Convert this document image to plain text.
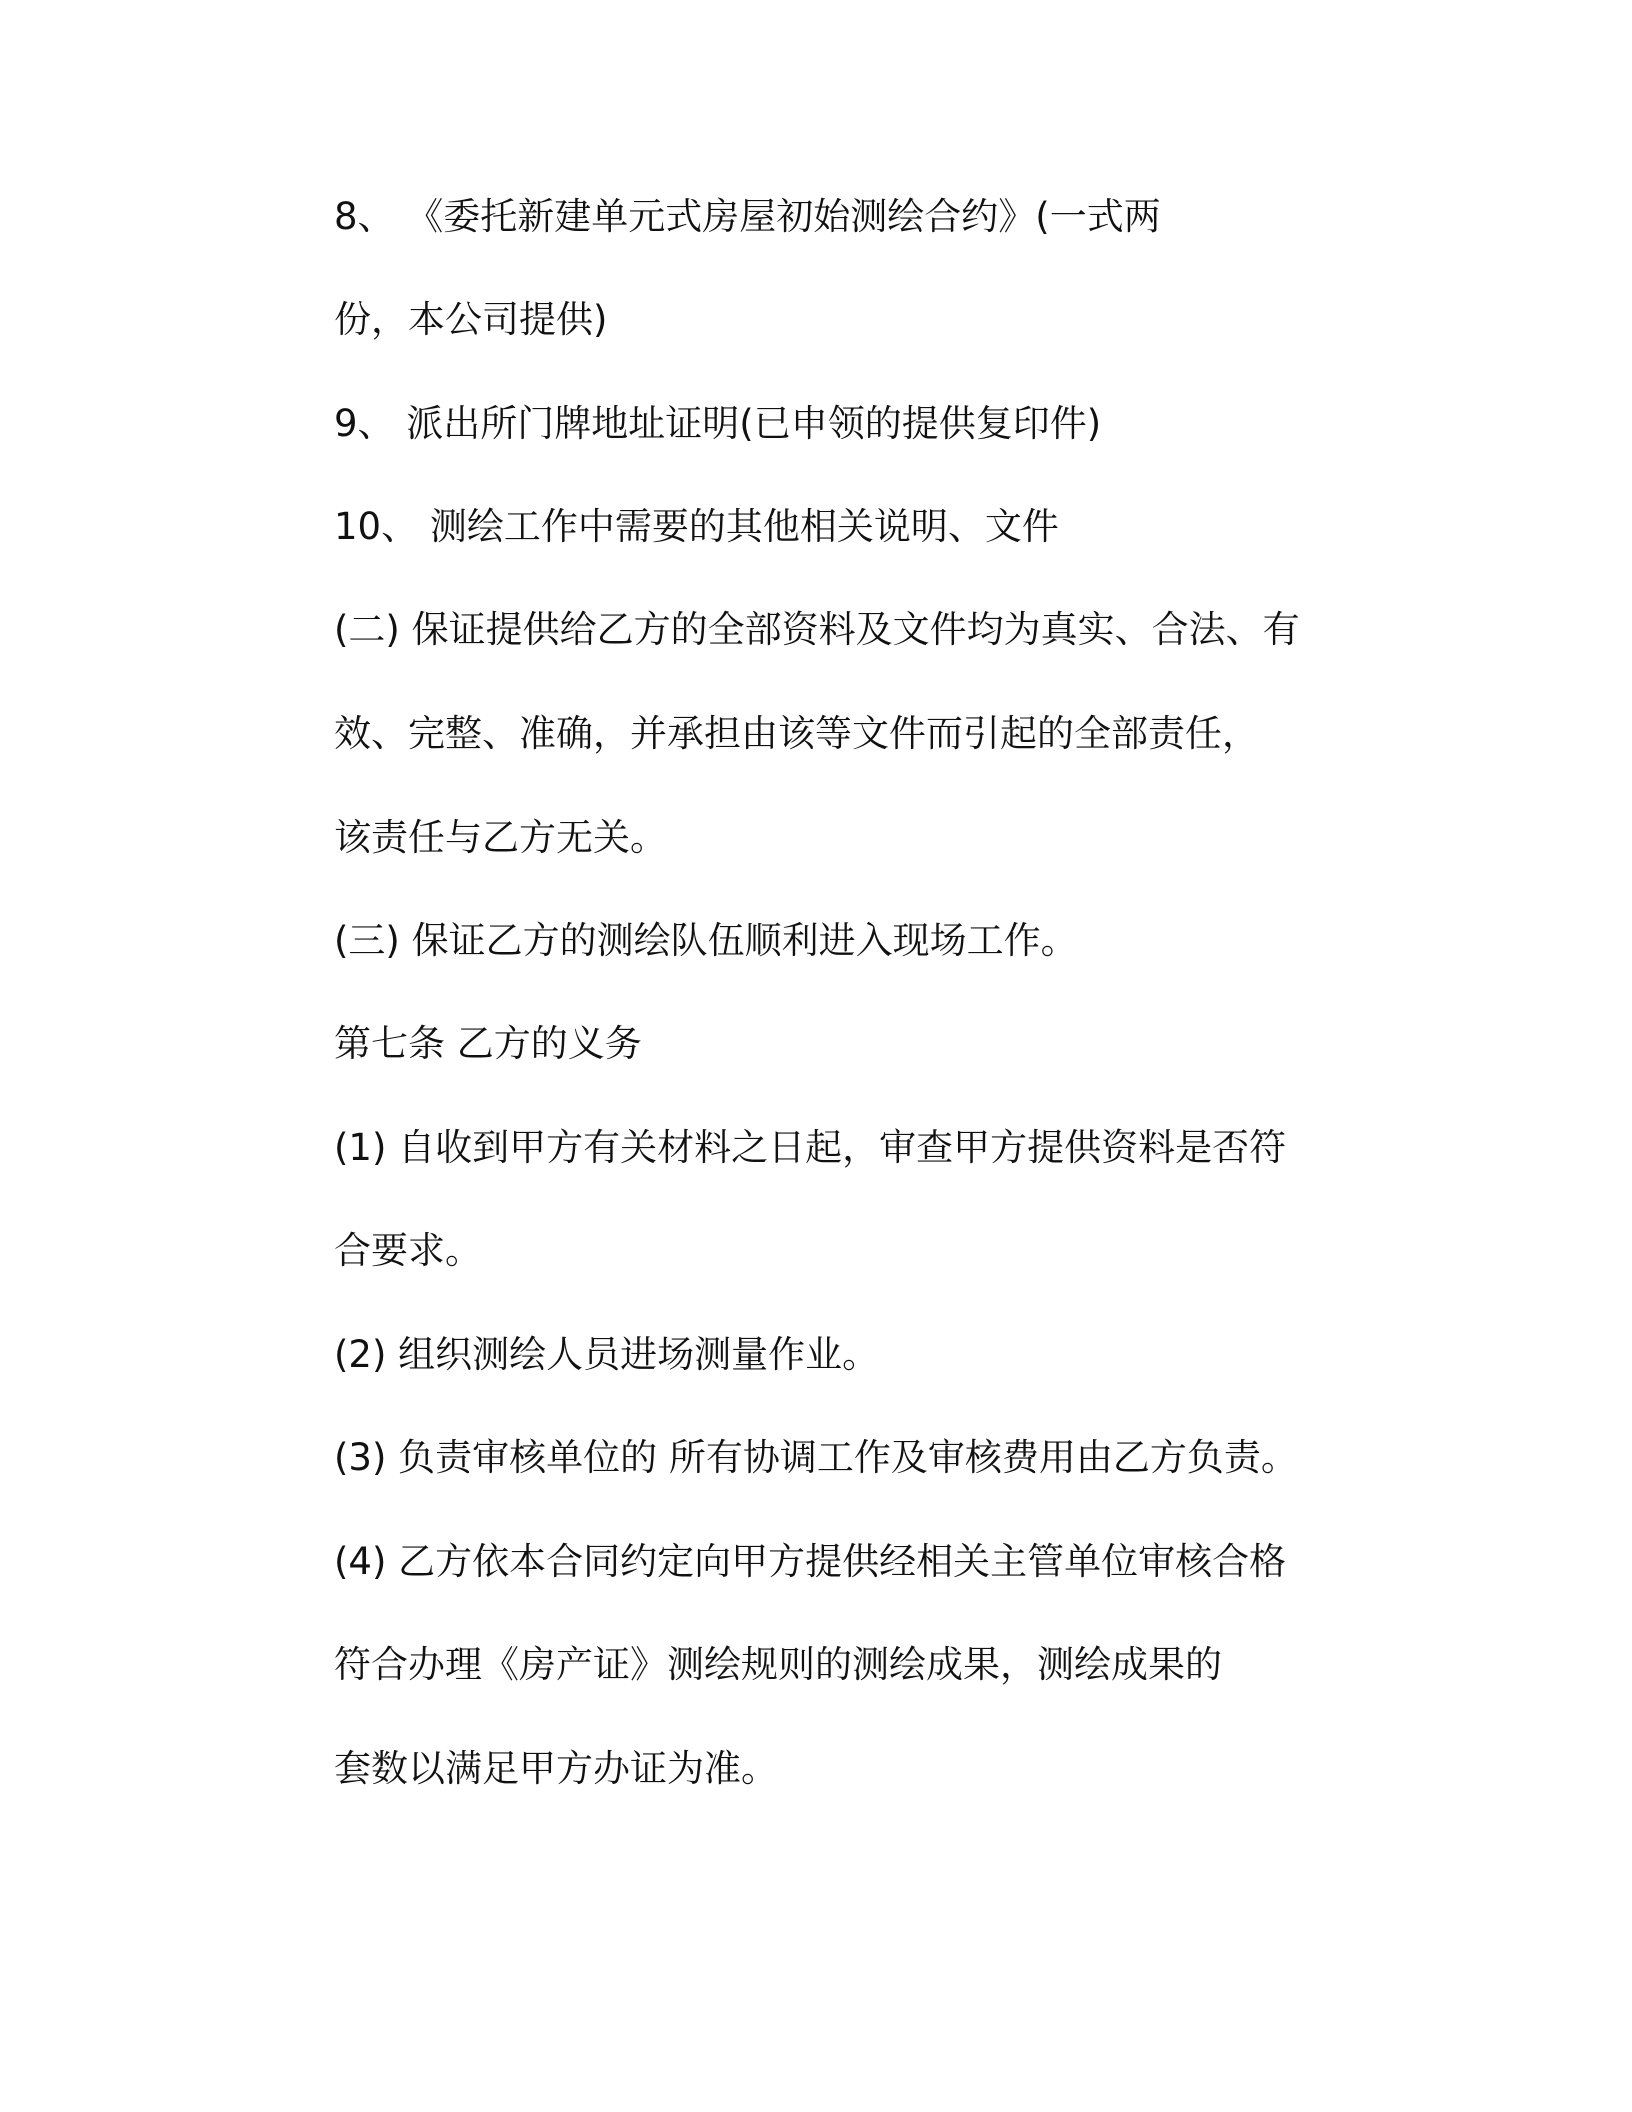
8、 《委托新建单元式房屋初始测绘合约》(一式两
份，本公司提供)
9、 派出所门牌地址证明(已申领的提供复印件)
10、 测绘工作中需要的其他相关说明、文件
(二) 保证提供给乙方的全部资料及文件均为真实、合法、有
效、完整、准确，并承担由该等文件而引起的全部责任，
该责任与乙方无关。
(三) 保证乙方的测绘队伍顺利进入现场工作。
第七条 乙方的义务
(1) 自收到甲方有关材料之日起，审查甲方提供资料是否符
合要求。
(2) 组织测绘人员进场测量作业。
(3) 负责审核单位的 所有协调工作及审核费用由乙方负责。
(4) 乙方依本合同约定向甲方提供经相关主管单位审核合格
符合办理《房产证》测绘规则的测绘成果，测绘成果的
套数以满足甲方办证为准。
